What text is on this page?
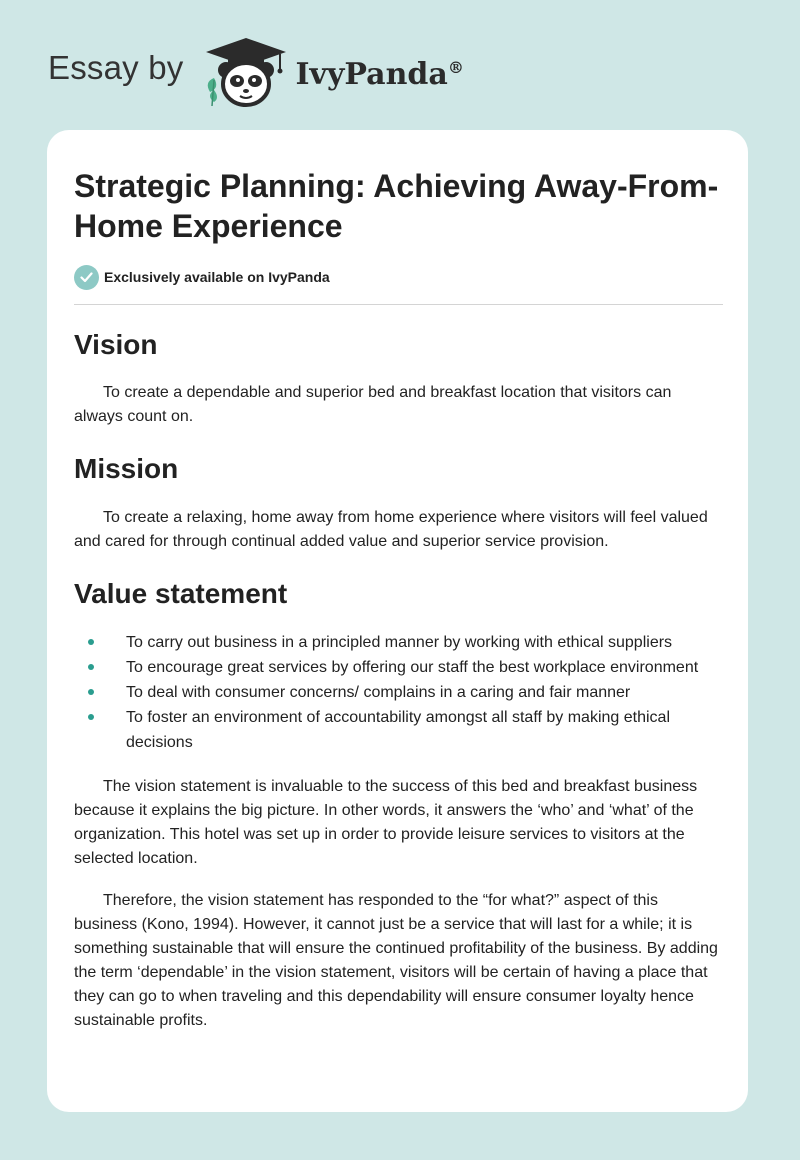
Essay by	IvyPanda®
Strategic Planning: Achieving Away-From-Home Experience
Exclusively available on IvyPanda
Vision

To create a dependable and superior bed and breakfast location that visitors can always count on.

Mission

To create a relaxing, home away from home experience where visitors will feel valued and cared for through continual added value and superior service provision.

Value statement
To carry out business in a principled manner by working with ethical suppliers
To encourage great services by offering our staff the best workplace environment
To deal with consumer concerns/ complains in a caring and fair manner
To foster an environment of accountability amongst all staff by making ethical decisions

The vision statement is invaluable to the success of this bed and breakfast business because it explains the big picture. In other words, it answers the ‘who’ and ‘what’ of the organization. This hotel was set up in order to provide leisure services to visitors at the selected location.

Therefore, the vision statement has responded to the “for what?” aspect of this business (Kono, 1994). However, it cannot just be a service that will last for a while; it is something sustainable that will ensure the continued profitability of the business. By adding the term ‘dependable’ in the vision statement, visitors will be certain of having a place that they can go to when traveling and this dependability will ensure consumer loyalty hence sustainable profits.
